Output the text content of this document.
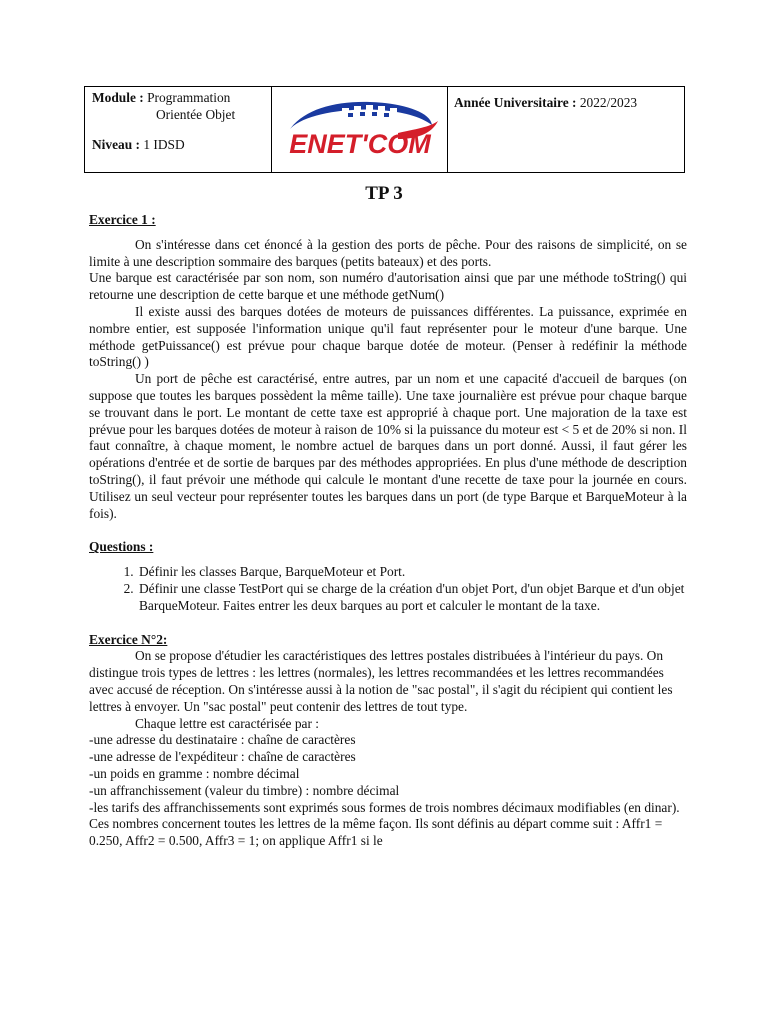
Module : Programmation
Orientée Objet
Niveau : 1 IDSD	ENET'COM
Année Universitaire : 2022/2023
TP 3
Exercice 1 :

On s'intéresse dans cet énoncé à la gestion des ports de pêche. Pour des raisons de simplicité, on se limite à une description sommaire des barques (petits bateaux) et des ports.

Une barque est caractérisée par son nom, son numéro d'autorisation ainsi que par une méthode toString() qui retourne une description de cette barque et une méthode getNum()

Il existe aussi des barques dotées de moteurs de puissances différentes. La puissance, exprimée en nombre entier, est supposée l'information unique qu'il faut représenter pour le moteur d'une barque. Une méthode getPuissance() est prévue pour chaque barque dotée de moteur. (Penser à redéfinir la méthode toString() )

Un port de pêche est caractérisé, entre autres, par un nom et une capacité d'accueil de barques (on suppose que toutes les barques possèdent la même taille). Une taxe journalière est prévue pour chaque barque se trouvant dans le port. Le montant de cette taxe est approprié à chaque port. Une majoration de la taxe est prévue pour les barques dotées de moteur à raison de 10% si la puissance du moteur est < 5 et de 20% si non. Il faut connaître, à chaque moment, le nombre actuel de barques dans un port donné. Aussi, il faut gérer les opérations d'entrée et de sortie de barques par des méthodes appropriées. En plus d'une méthode de description toString(), il faut prévoir une méthode qui calcule le montant d'une recette de taxe pour la journée en cours. Utilisez un seul vecteur pour représenter toutes les barques dans un port (de type Barque et BarqueMoteur à la fois).

Questions :
1. Définir les classes Barque, BarqueMoteur et Port.
2. Définir une classe TestPort qui se charge de la création d'un objet Port, d'un objet Barque et d'un objet BarqueMoteur. Faites entrer les deux barques au port et calculer le montant de la taxe.
Exercice N°2:

On se propose d'étudier les caractéristiques des lettres postales distribuées à l'intérieur du pays. On distingue trois types de lettres : les lettres (normales), les lettres recommandées et les lettres recommandées avec accusé de réception. On s'intéresse aussi à la notion de "sac postal", il s'agit du récipient qui contient les lettres à envoyer. Un "sac postal" peut contenir des lettres de tout type.

Chaque lettre est caractérisée par :

-une adresse du destinataire : chaîne de caractères
-une adresse de l'expéditeur : chaîne de caractères
-un poids en gramme : nombre décimal
-un affranchissement (valeur du timbre) : nombre décimal

-les tarifs des affranchissements sont exprimés sous formes de trois nombres décimaux modifiables (en dinar). Ces nombres concernent toutes les lettres de la même façon. Ils sont définis au départ comme suit : Affr1 = 0.250, Affr2 = 0.500, Affr3 = 1; on applique Affr1 si le
